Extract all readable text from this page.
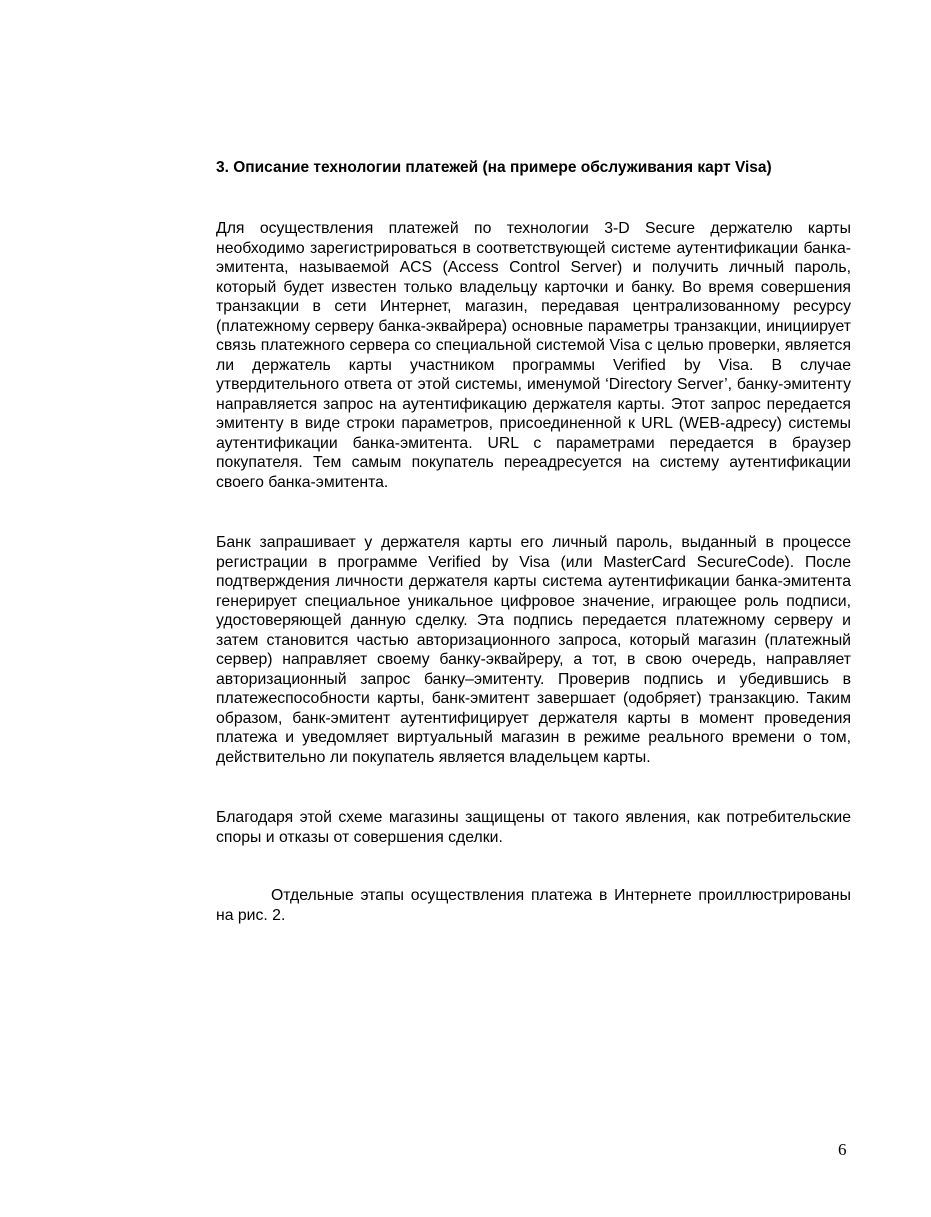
3. Описание технологии платежей (на примере обслуживания карт Visa)

Для осуществления платежей по технологии 3-D Secure держателю карты необходимо зарегистрироваться в соответствующей системе аутентификации банка-эмитента, называемой ACS (Access Control Server) и получить личный пароль, который будет известен только владельцу карточки и банку. Во время совершения транзакции в сети Интернет, магазин, передавая централизованному ресурсу (платежному серверу банка-эквайрера) основные параметры транзакции, инициирует связь платежного сервера со специальной системой Visa с целью проверки, является ли держатель карты участником программы Verified by Visa. В случае утвердительного ответа от этой системы, именумой ‘Directory Server’, банку-эмитенту направляется запрос на аутентификацию держателя карты. Этот запрос передается эмитенту в виде строки параметров, присоединенной к URL (WEB-адресу) системы аутентификации банка-эмитента. URL с параметрами передается в браузер покупателя. Тем самым покупатель переадресуется на систему аутентификации своего банка-эмитента.

Банк запрашивает у держателя карты его личный пароль, выданный в процессе регистрации в программе Verified by Visa (или MasterCard SecureCode). После подтверждения личности держателя карты система аутентификации банка-эмитента генерирует специальное уникальное цифровое значение, играющее роль подписи, удостоверяющей данную сделку. Эта подпись передается платежному серверу и затем становится частью авторизационного запроса, который магазин (платежный сервер) направляет своему банку-эквайреру, а тот, в свою очередь, направляет авторизационный запрос банку–эмитенту. Проверив подпись и убедившись в платежеспособности карты, банк-эмитент завершает (одобряет) транзакцию. Таким образом, банк-эмитент аутентифицирует держателя карты в момент проведения платежа и уведомляет виртуальный магазин в режиме реального времени о том, действительно ли покупатель является владельцем карты.

Благодаря этой схеме магазины защищены от такого явления, как потребительские споры и отказы от совершения сделки.

Отдельные этапы осуществления платежа в Интернете проиллюстрированы на рис. 2.

6
